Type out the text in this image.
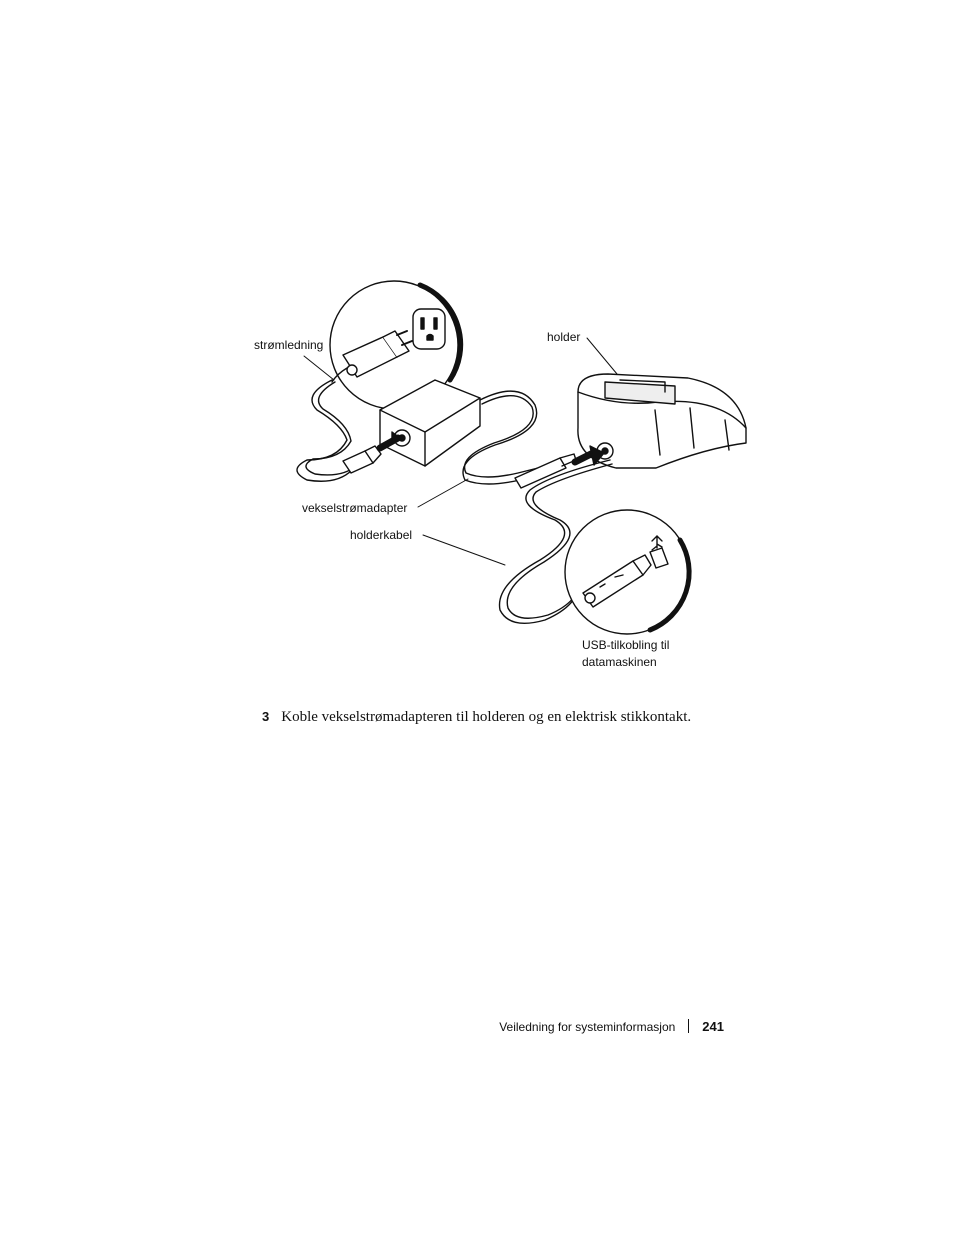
strømledning
holder
vekselstrømadapter
holderkabel
USB-tilkobling til
datamaskinen
3 Koble vekselstrømadapteren til holderen og en elektrisk stikkontakt.
Veiledning for systeminformasjon 241
